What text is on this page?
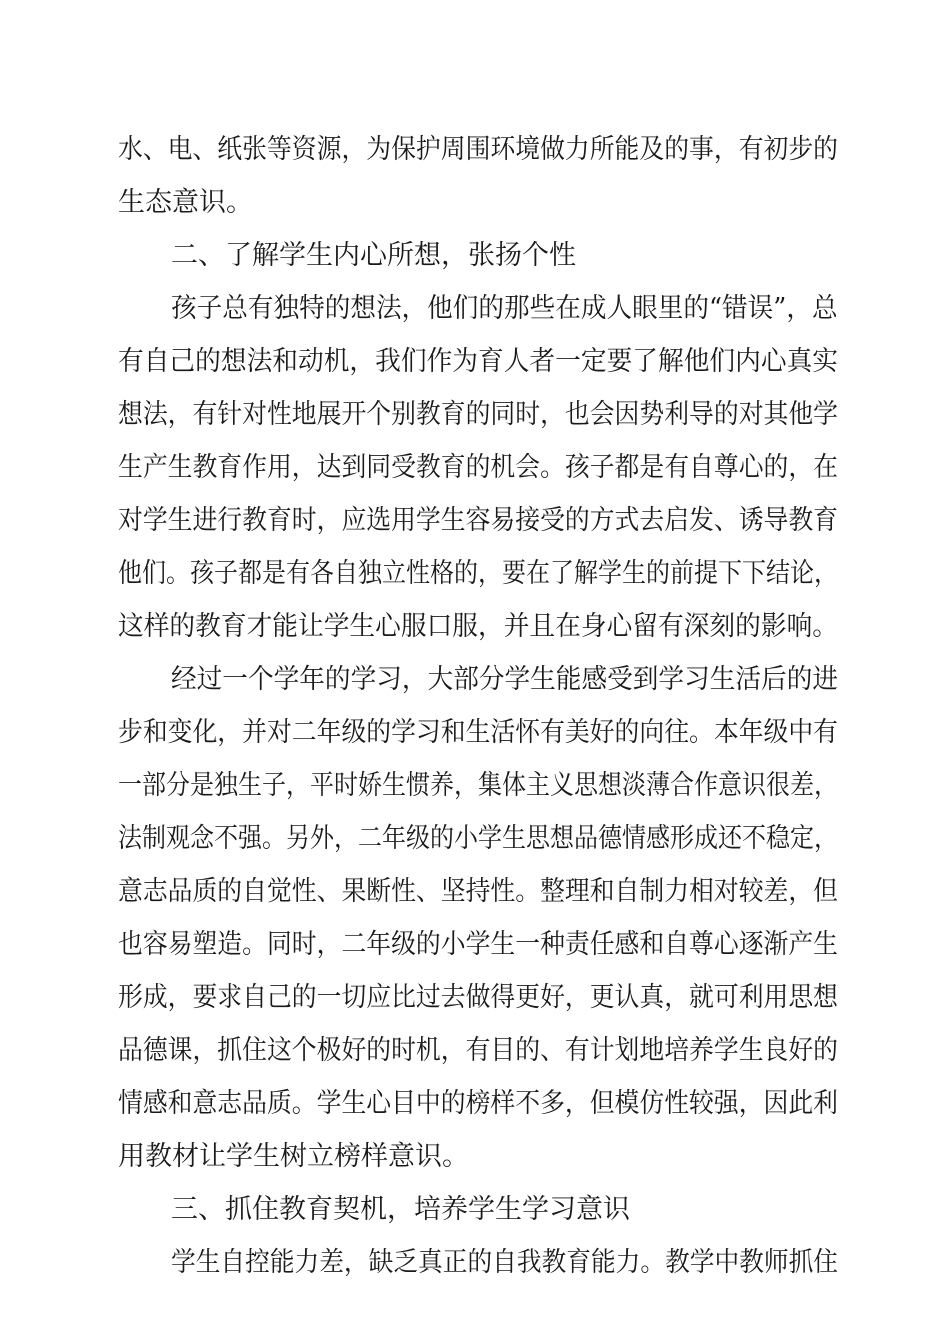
水、电、纸张等资源，为保护周围环境做力所能及的事，有初步的
生态意识。
二、了解学生内心所想，张扬个性
孩子总有独特的想法，他们的那些在成人眼里的“错误”，总
有自己的想法和动机，我们作为育人者一定要了解他们内心真实
想法，有针对性地展开个别教育的同时，也会因势利导的对其他学
生产生教育作用，达到同受教育的机会。孩子都是有自尊心的，在
对学生进行教育时，应选用学生容易接受的方式去启发、诱导教育
他们。孩子都是有各自独立性格的，要在了解学生的前提下下结论，
这样的教育才能让学生心服口服，并且在身心留有深刻的影响。
经过一个学年的学习，大部分学生能感受到学习生活后的进
步和变化，并对二年级的学习和生活怀有美好的向往。本年级中有
一部分是独生子，平时娇生惯养，集体主义思想淡薄合作意识很差，
法制观念不强。另外，二年级的小学生思想品德情感形成还不稳定，
意志品质的自觉性、果断性、坚持性。整理和自制力相对较差，但
也容易塑造。同时，二年级的小学生一种责任感和自尊心逐渐产生
形成，要求自己的一切应比过去做得更好，更认真，就可利用思想
品德课，抓住这个极好的时机，有目的、有计划地培养学生良好的
情感和意志品质。学生心目中的榜样不多，但模仿性较强，因此利
用教材让学生树立榜样意识。
三、抓住教育契机，培养学生学习意识
学生自控能力差，缺乏真正的自我教育能力。教学中教师抓住
